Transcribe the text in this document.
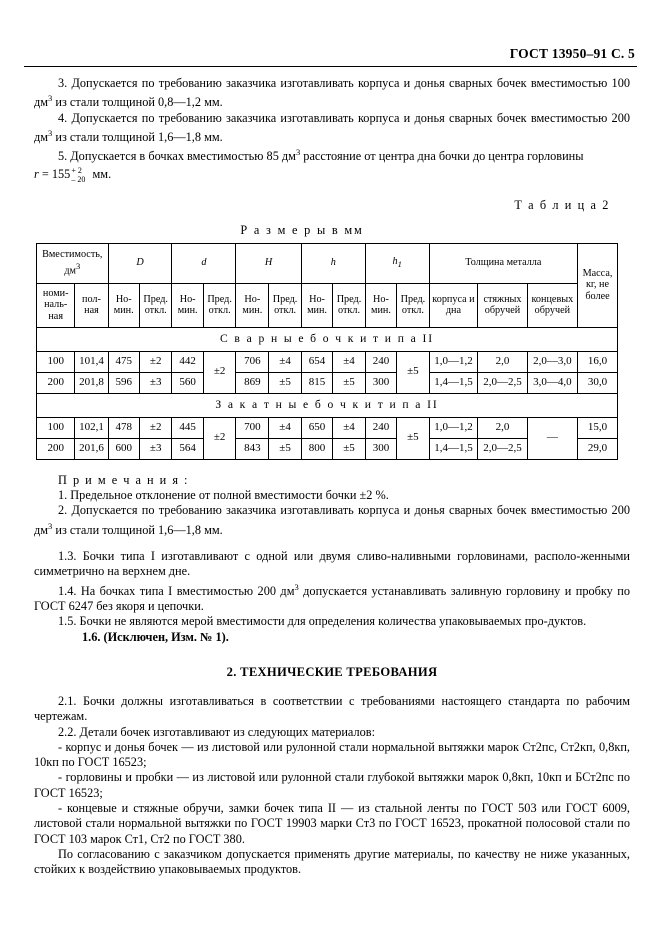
ГОСТ 13950–91 С. 5

3. Допускается по требованию заказчика изготавливать корпуса и донья сварных бочек вместимостью 100 $дм^3$ из стали толщиной 0,8—1,2 мм.

4. Допускается по требованию заказчика изготавливать корпуса и донья сварных бочек вместимостью 200 $дм^3$ из стали толщиной 1,6—1,8 мм.

5. Допускается в бочках вместимостью 85 $дм^3$ расстояние от центра дна бочки до центра горловины

r = 155 + 2
– 20 мм.

Т а б л и ц а 2
Р а з м е р ы в мм
Вместимость, $дм^3$		D		d		H		h		$h_1$		Толщина металла			Масса, кг, не более
номи-наль-ная	пол-ная	Но-мин.	Пред. откл.	Но-мин.	Пред. откл.	Но-мин.	Пред. откл.	Но-мин.	Пред. откл.	Но-мин.	Пред. откл.	корпуса и дна	стяжных обручей	концевых обручей	
С в а р н ы е б о ч к и т и п а II															
100	101,4	475	±2	442	±2	706	±4	654	±4	240	±5	1,0—1,2	2,0	2,0—3,0	16,0
200	201,8	596	±3	560		869	±5	815	±5	300		1,4—1,5	2,0—2,5	3,0—4,0	30,0
З а к а т н ы е б о ч к и т и п а II															
100	102,1	478	±2	445	±2	700	±4	650	±4	240	±5	1,0—1,2	2,0	—	15,0
200	201,6	600	±3	564		843	±5	800	±5	300		1,4—1,5	2,0—2,5		29,0
П р и м е ч а н и я :

1. Предельное отклонение от полной вместимости бочки ±2 %.

2. Допускается по требованию заказчика изготавливать корпуса и донья сварных бочек вместимостью 200 $дм^3$ из стали толщиной 1,6—1,8 мм.

1.3. Бочки типа I изготавливают с одной или двумя сливо-наливными горловинами, располо-женными симметрично на верхнем дне.

1.4. На бочках типа I вместимостью 200 $дм^3$ допускается устанавливать заливную горловину и пробку по ГОСТ 6247 без якоря и цепочки.

1.5. Бочки не являются мерой вместимости для определения количества упаковываемых про-дуктов.

1.6. (Исключен, Изм. № 1).

2. ТЕХНИЧЕСКИЕ ТРЕБОВАНИЯ

2.1. Бочки должны изготавливаться в соответствии с требованиями настоящего стандарта по рабочим чертежам.

2.2. Детали бочек изготавливают из следующих материалов:

- корпус и донья бочек — из листовой или рулонной стали нормальной вытяжки марок Ст2пс, Ст2кп, 0,8кп, 10кп по ГОСТ 16523;

- горловины и пробки — из листовой или рулонной стали глубокой вытяжки марок 0,8кп, 10кп и БСт2пс по ГОСТ 16523;

- концевые и стяжные обручи, замки бочек типа II — из стальной ленты по ГОСТ 503 или ГОСТ 6009, листовой стали нормальной вытяжки по ГОСТ 19903 марки Ст3 по ГОСТ 16523, прокатной полосовой стали по ГОСТ 103 марок Ст1, Ст2 по ГОСТ 380.

По согласованию с заказчиком допускается применять другие материалы, по качеству не ниже указанных, стойких к воздействию упаковываемых продуктов.
